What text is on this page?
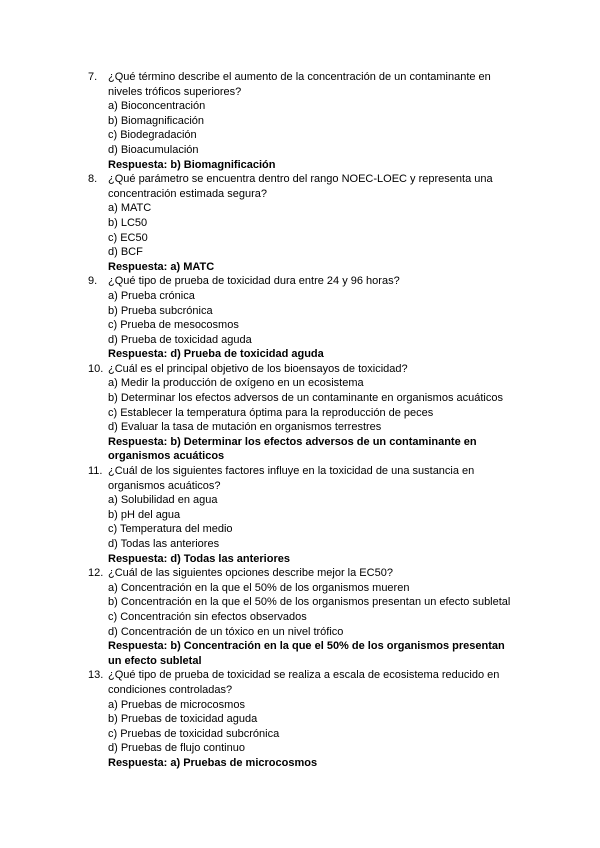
7. ¿Qué término describe el aumento de la concentración de un contaminante en niveles tróficos superiores?
a) Bioconcentración
b) Biomagnificación
c) Biodegradación
d) Bioacumulación
Respuesta: b) Biomagnificación
8. ¿Qué parámetro se encuentra dentro del rango NOEC-LOEC y representa una concentración estimada segura?
a) MATC
b) LC50
c) EC50
d) BCF
Respuesta: a) MATC
9. ¿Qué tipo de prueba de toxicidad dura entre 24 y 96 horas?
a) Prueba crónica
b) Prueba subcrónica
c) Prueba de mesocosmos
d) Prueba de toxicidad aguda
Respuesta: d) Prueba de toxicidad aguda
10. ¿Cuál es el principal objetivo de los bioensayos de toxicidad?
a) Medir la producción de oxígeno en un ecosistema
b) Determinar los efectos adversos de un contaminante en organismos acuáticos
c) Establecer la temperatura óptima para la reproducción de peces
d) Evaluar la tasa de mutación en organismos terrestres
Respuesta: b) Determinar los efectos adversos de un contaminante en organismos acuáticos
11. ¿Cuál de los siguientes factores influye en la toxicidad de una sustancia en organismos acuáticos?
a) Solubilidad en agua
b) pH del agua
c) Temperatura del medio
d) Todas las anteriores
Respuesta: d) Todas las anteriores
12. ¿Cuál de las siguientes opciones describe mejor la EC50?
a) Concentración en la que el 50% de los organismos mueren
b) Concentración en la que el 50% de los organismos presentan un efecto subletal
c) Concentración sin efectos observados
d) Concentración de un tóxico en un nivel trófico
Respuesta: b) Concentración en la que el 50% de los organismos presentan un efecto subletal
13. ¿Qué tipo de prueba de toxicidad se realiza a escala de ecosistema reducido en condiciones controladas?
a) Pruebas de microcosmos
b) Pruebas de toxicidad aguda
c) Pruebas de toxicidad subcrónica
d) Pruebas de flujo continuo
Respuesta: a) Pruebas de microcosmos
